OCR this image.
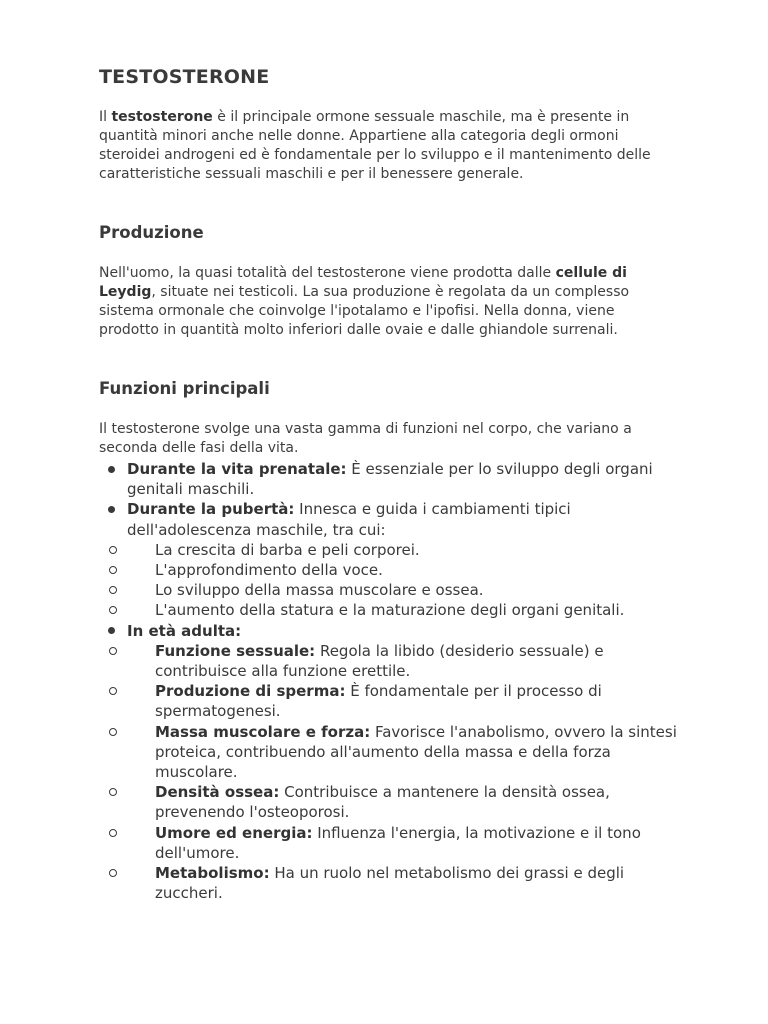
TESTOSTERONE

Il testosterone è il principale ormone sessuale maschile, ma è presente in quantità minori anche nelle donne. Appartiene alla categoria degli ormoni steroidei androgeni ed è fondamentale per lo sviluppo e il mantenimento delle caratteristiche sessuali maschili e per il benessere generale.

Produzione

Nell'uomo, la quasi totalità del testosterone viene prodotta dalle cellule di Leydig, situate nei testicoli. La sua produzione è regolata da un complesso sistema ormonale che coinvolge l'ipotalamo e l'ipofisi. Nella donna, viene prodotto in quantità molto inferiori dalle ovaie e dalle ghiandole surrenali.

Funzioni principali

Il testosterone svolge una vasta gamma di funzioni nel corpo, che variano a seconda delle fasi della vita.

Durante la vita prenatale: È essenziale per lo sviluppo degli organi genitali maschili.
Durante la pubertà: Innesca e guida i cambiamenti tipici dell'adolescenza maschile, tra cui:
La crescita di barba e peli corporei.
L'approfondimento della voce.
Lo sviluppo della massa muscolare e ossea.
L'aumento della statura e la maturazione degli organi genitali.
In età adulta:
Funzione sessuale: Regola la libido (desiderio sessuale) e contribuisce alla funzione erettile.
Produzione di sperma: È fondamentale per il processo di spermatogenesi.
Massa muscolare e forza: Favorisce l'anabolismo, ovvero la sintesi proteica, contribuendo all'aumento della massa e della forza muscolare.
Densità ossea: Contribuisce a mantenere la densità ossea, prevenendo l'osteoporosi.
Umore ed energia: Influenza l'energia, la motivazione e il tono dell'umore.
Metabolismo: Ha un ruolo nel metabolismo dei grassi e degli zuccheri.
